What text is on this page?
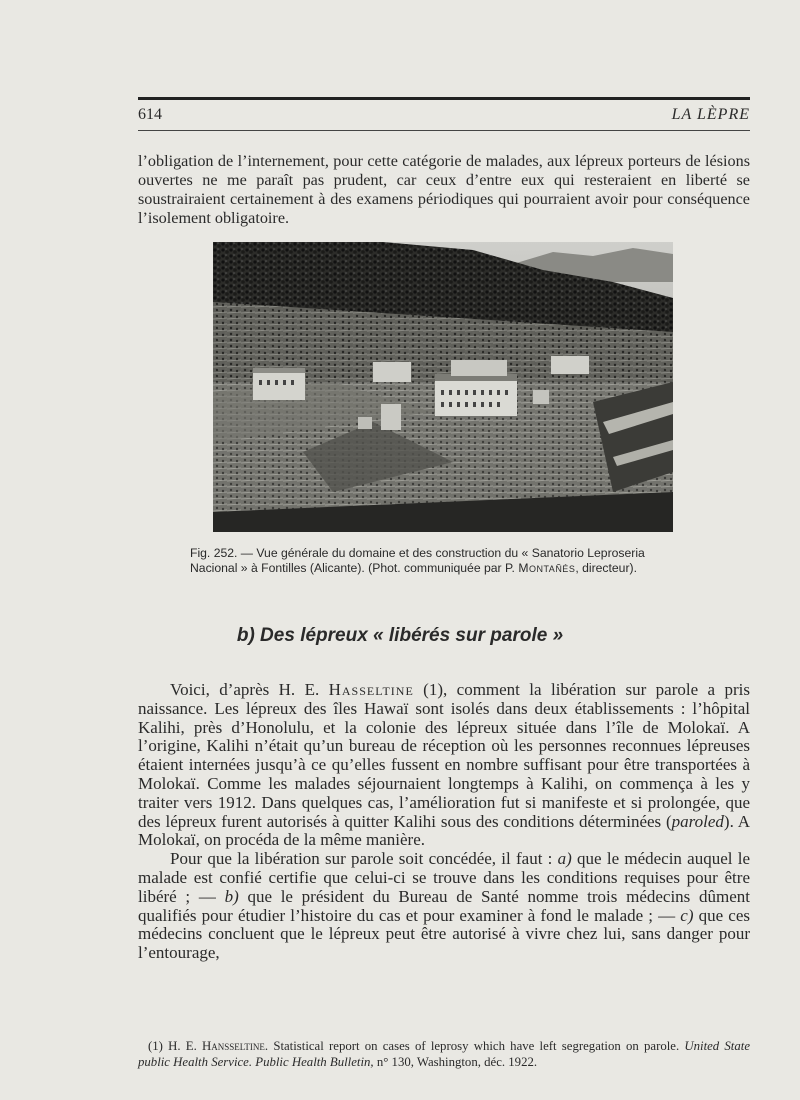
614	LA LÈPRE

l’obligation de l’internement, pour cette catégorie de malades, aux lépreux porteurs de lésions ouvertes ne me paraît pas prudent, car ceux d’entre eux qui resteraient en liberté se soustrairaient certainement à des examens périodiques qui pourraient avoir pour conséquence l’isolement obligatoire.

Fig. 252. — Vue générale du domaine et des construction du « Sanatorio Leproseria Nacional » à Fontilles (Alicante). (Phot. communiquée par P. Montañés, directeur).

b) Des lépreux « libérés sur parole »

Voici, d’après H. E. Hasseltine (1), comment la libération sur parole a pris naissance. Les lépreux des îles Hawaï sont isolés dans deux établissements : l’hôpital Kalihi, près d’Honolulu, et la colonie des lépreux située dans l’île de Molokaï. A l’origine, Kalihi n’était qu’un bureau de réception où les personnes reconnues lépreuses étaient internées jusqu’à ce qu’elles fussent en nombre suffisant pour être transportées à Molokaï. Comme les malades séjournaient longtemps à Kalihi, on commença à les y traiter vers 1912. Dans quelques cas, l’amélioration fut si manifeste et si prolongée, que des lépreux furent autorisés à quitter Kalihi sous des conditions déterminées (paroled). A Molokaï, on procéda de la même manière.

Pour que la libération sur parole soit concédée, il faut : a) que le médecin auquel le malade est confié certifie que celui-ci se trouve dans les conditions requises pour être libéré ; — b) que le président du Bureau de Santé nomme trois médecins dûment qualifiés pour étudier l’histoire du cas et pour examiner à fond le malade ; — c) que ces médecins concluent que le lépreux peut être autorisé à vivre chez lui, sans danger pour l’entourage,

(1) H. E. Hansseltine. Statistical report on cases of leprosy which have left segregation on parole. United State public Health Service. Public Health Bulletin, n° 130, Washington, déc. 1922.
